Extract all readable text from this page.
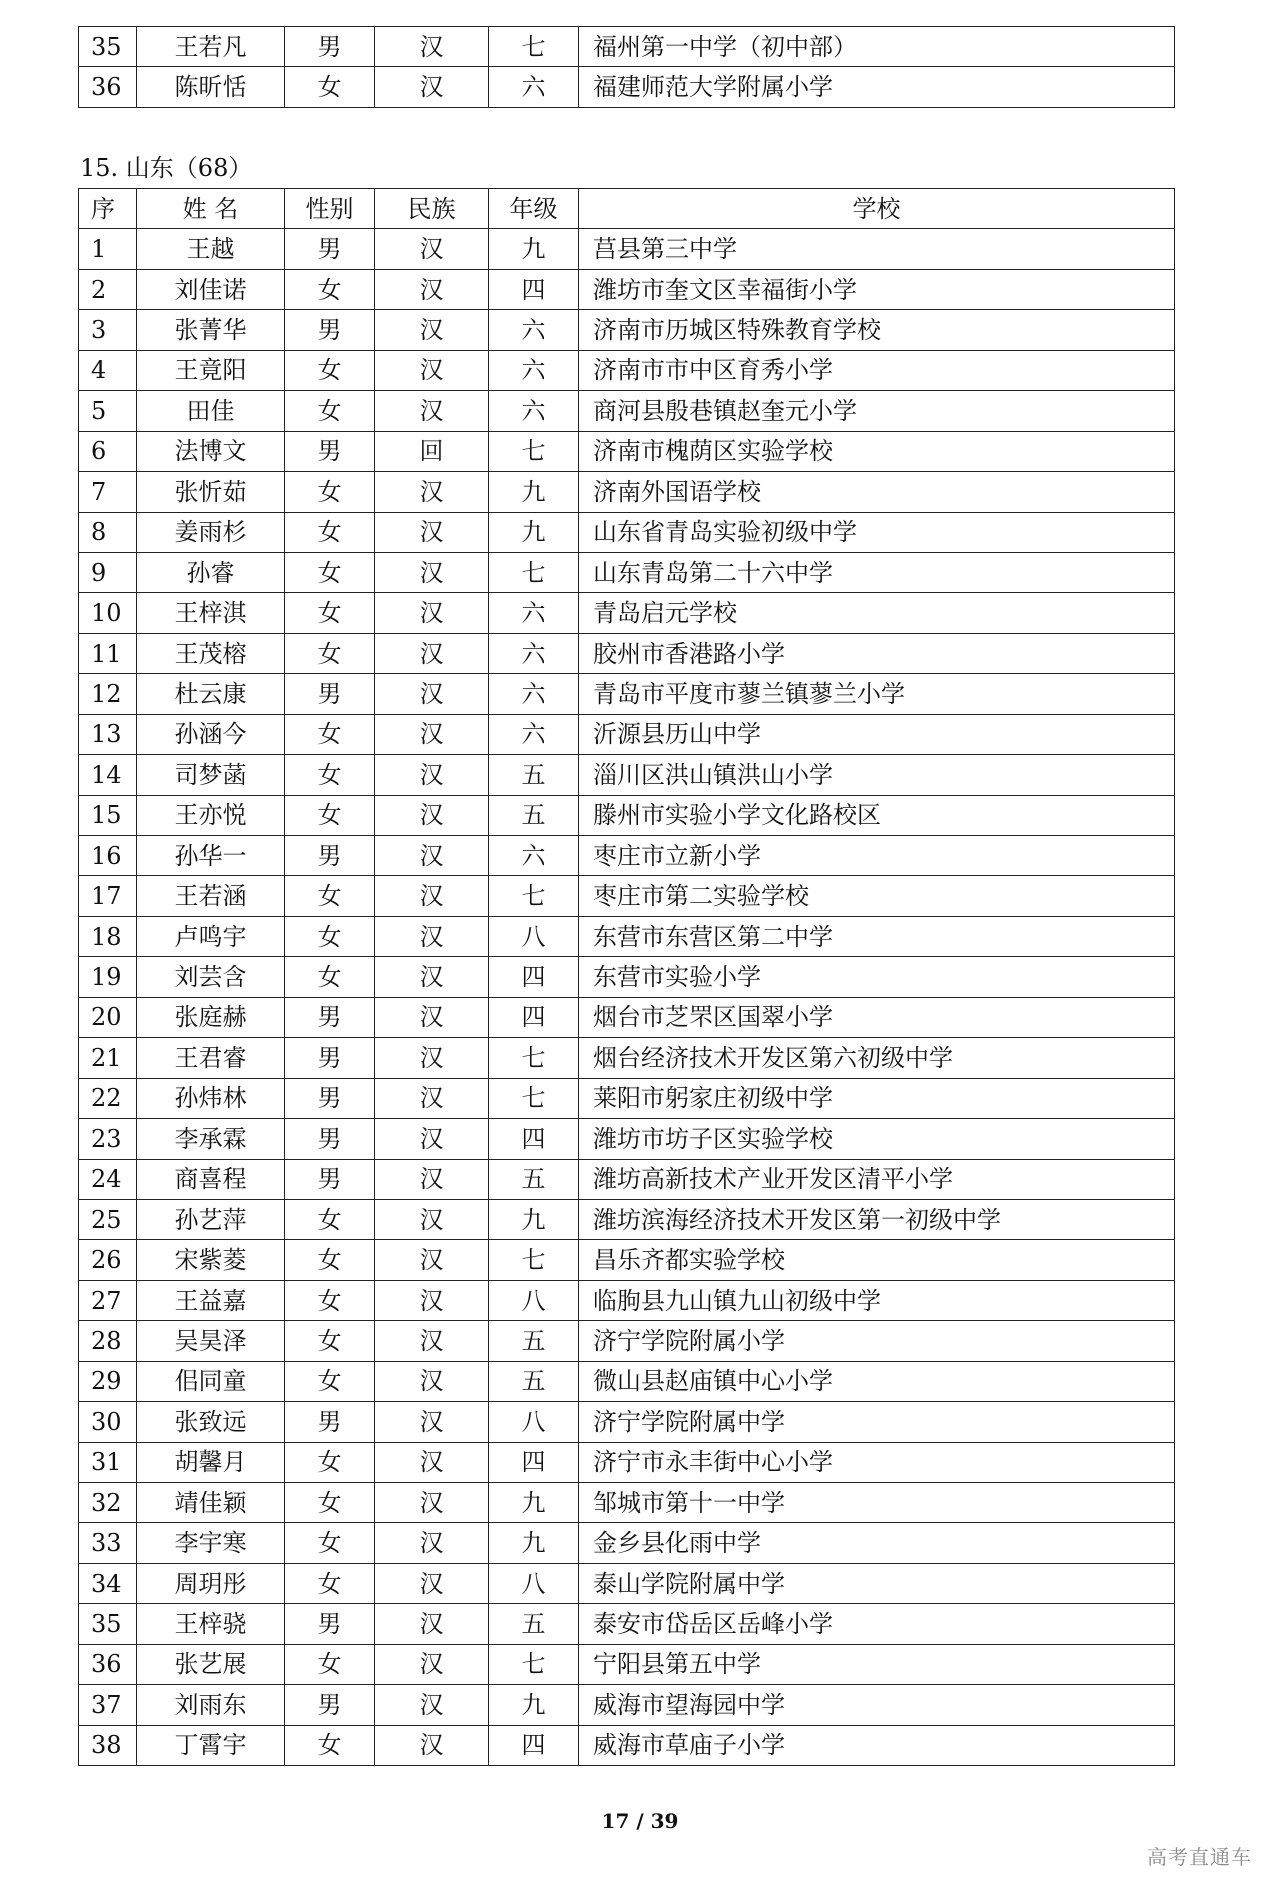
35	王若凡	男	汉	七	福州第一中学（初中部）
36	陈昕恬	女	汉	六	福建师范大学附属小学
15. 山东（68）
序	姓 名	性别	民族	年级	学校
1	王越	男	汉	九	莒县第三中学
2	刘佳诺	女	汉	四	潍坊市奎文区幸福街小学
3	张菁华	男	汉	六	济南市历城区特殊教育学校
4	王竟阳	女	汉	六	济南市市中区育秀小学
5	田佳	女	汉	六	商河县殷巷镇赵奎元小学
6	法博文	男	回	七	济南市槐荫区实验学校
7	张忻茹	女	汉	九	济南外国语学校
8	姜雨杉	女	汉	九	山东省青岛实验初级中学
9	孙睿	女	汉	七	山东青岛第二十六中学
10	王梓淇	女	汉	六	青岛启元学校
11	王茂榕	女	汉	六	胶州市香港路小学
12	杜云康	男	汉	六	青岛市平度市蓼兰镇蓼兰小学
13	孙涵今	女	汉	六	沂源县历山中学
14	司梦菡	女	汉	五	淄川区洪山镇洪山小学
15	王亦悦	女	汉	五	滕州市实验小学文化路校区
16	孙华一	男	汉	六	枣庄市立新小学
17	王若涵	女	汉	七	枣庄市第二实验学校
18	卢鸣宇	女	汉	八	东营市东营区第二中学
19	刘芸含	女	汉	四	东营市实验小学
20	张庭赫	男	汉	四	烟台市芝罘区国翠小学
21	王君睿	男	汉	七	烟台经济技术开发区第六初级中学
22	孙炜林	男	汉	七	莱阳市躬家庄初级中学
23	李承霖	男	汉	四	潍坊市坊子区实验学校
24	商喜程	男	汉	五	潍坊高新技术产业开发区清平小学
25	孙艺萍	女	汉	九	潍坊滨海经济技术开发区第一初级中学
26	宋紫菱	女	汉	七	昌乐齐都实验学校
27	王益嘉	女	汉	八	临朐县九山镇九山初级中学
28	吴昊泽	女	汉	五	济宁学院附属小学
29	佀同童	女	汉	五	微山县赵庙镇中心小学
30	张致远	男	汉	八	济宁学院附属中学
31	胡馨月	女	汉	四	济宁市永丰街中心小学
32	靖佳颖	女	汉	九	邹城市第十一中学
33	李宇寒	女	汉	九	金乡县化雨中学
34	周玥彤	女	汉	八	泰山学院附属中学
35	王梓骁	男	汉	五	泰安市岱岳区岳峰小学
36	张艺展	女	汉	七	宁阳县第五中学
37	刘雨东	男	汉	九	威海市望海园中学
38	丁霄宇	女	汉	四	威海市草庙子小学
17 / 39
高考直通车
